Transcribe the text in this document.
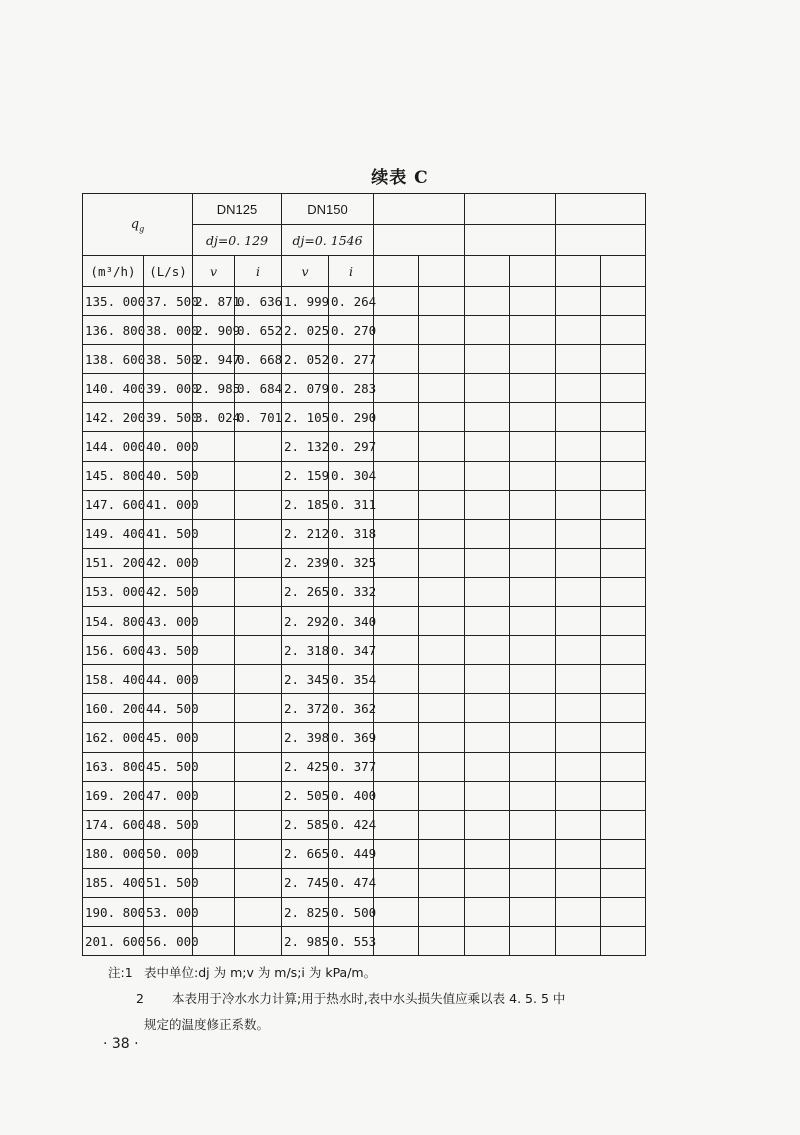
续表 C
$q_g$		DN125		DN150							
		dj=0. 129		dj=0. 1546							
(m³/h)	(L/s)	v	i	v	i						
135. 000	37. 500	2. 871	0. 636	1. 999	0. 264						
136. 800	38. 000	2. 909	0. 652	2. 025	0. 270						
138. 600	38. 500	2. 947	0. 668	2. 052	0. 277						
140. 400	39. 000	2. 985	0. 684	2. 079	0. 283						
142. 200	39. 500	3. 024	0. 701	2. 105	0. 290						
144. 000	40. 000			2. 132	0. 297						
145. 800	40. 500			2. 159	0. 304						
147. 600	41. 000			2. 185	0. 311						
149. 400	41. 500			2. 212	0. 318						
151. 200	42. 000			2. 239	0. 325						
153. 000	42. 500			2. 265	0. 332						
154. 800	43. 000			2. 292	0. 340						
156. 600	43. 500			2. 318	0. 347						
158. 400	44. 000			2. 345	0. 354						
160. 200	44. 500			2. 372	0. 362						
162. 000	45. 000			2. 398	0. 369						
163. 800	45. 500			2. 425	0. 377						
169. 200	47. 000			2. 505	0. 400						
174. 600	48. 500			2. 585	0. 424						
180. 000	50. 000			2. 665	0. 449						
185. 400	51. 500			2. 745	0. 474						
190. 800	53. 000			2. 825	0. 500						
201. 600	56. 000			2. 985	0. 553						
注:1 表中单位:dj 为 m;v 为 m/s;i 为 kPa/m。
2 本表用于冷水水力计算;用于热水时,表中水头损失值应乘以表 4. 5. 5 中
规定的温度修正系数。
· 38 ·
